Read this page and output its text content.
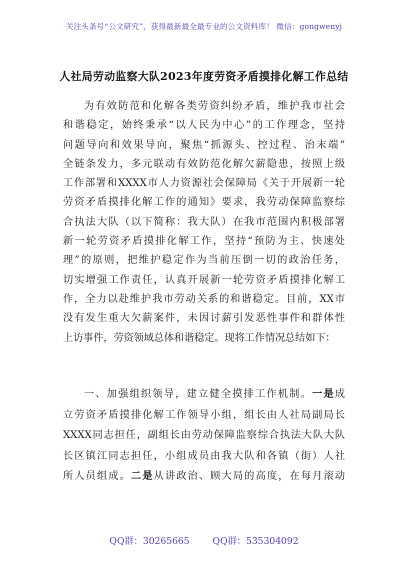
关注头条号“公文研究”，获得最新最全最专业的公文资料库！ 微信：gongwenyj
人社局劳动监察大队2023年度劳资矛盾摸排化解工作总结
为有效防范和化解各类劳资纠纷矛盾，维护我市社会
和谐稳定，始终秉承“以人民为中心”的工作理念，坚持
问题导向和效果导向，聚焦“抓源头、控过程、治末端”
全链条发力，多元联动有效防范化解欠薪隐患，按照上级
工作部署和XXXX市人力资源社会保障局《关于开展新一轮
劳资矛盾摸排化解工作的通知》要求，我劳动保障监察综
合执法大队（以下简称：我大队）在我市范围内积极部署
新一轮劳资矛盾摸排化解工作，坚持“预防为主、快速处
理”的原则，把维护稳定作为当前压倒一切的政治任务，
切实增强工作责任，认真开展新一轮劳资矛盾摸排化解工
作，全力以赴维护我市劳动关系的和谐稳定。目前，XX市
没有发生重大欠薪案件，未因讨薪引发恶性事件和群体性
上访事件，劳资领域总体和谐稳定。现将工作情况总结如下：
一、加强组织领导，建立健全摸排工作机制。一是成
立劳资矛盾摸排化解工作领导小组，组长由人社局副局长
XXXX同志担任，副组长由劳动保障监察综合执法大队大队
长区镇江同志担任，小组成员由我大队和各镇（街）人社
所人员组成。二是从讲政治、顾大局的高度，在每月滚动
QQ群：30265665 QQ群：535304092
